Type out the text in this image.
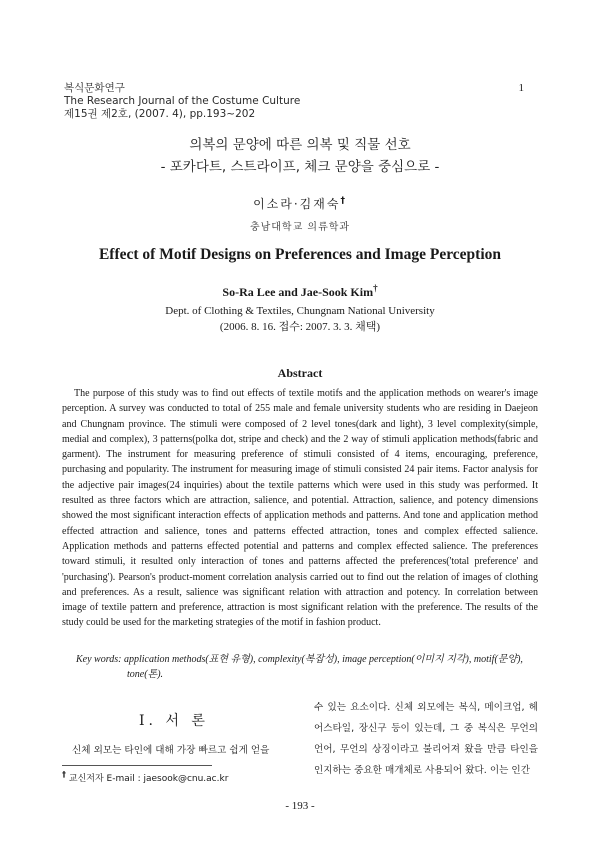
복식문화연구
The Research Journal of the Costume Culture
제15권 제2호, (2007. 4), pp.193~202
1
의복의 문양에 따른 의복 및 직물 선호
- 포카다트, 스트라이프, 체크 문양을 중심으로 -
이소라·김재숙†
충남대학교 의류학과
Effect of Motif Designs on Preferences and Image Perception
So-Ra Lee and Jae-Sook Kim†
Dept. of Clothing & Textiles, Chungnam National University
(2006. 8. 16. 접수: 2007. 3. 3. 채택)
Abstract
The purpose of this study was to find out effects of textile motifs and the application methods on wearer's image perception. A survey was conducted to total of 255 male and female university students who are residing in Daejeon and Chungnam province. The stimuli were composed of 2 level tones(dark and light), 3 level complexity(simple, medial and complex), 3 patterns(polka dot, stripe and check) and the 2 way of stimuli application methods(fabric and garment). The instrument for measuring preference of stimuli consisted of 4 items, encouraging, preference, purchasing and popularity. The instrument for measuring image of stimuli consisted 24 pair items. Factor analysis for the adjective pair images(24 inquiries) about the textile patterns which were used in this study was performed. It resulted as three factors which are attraction, salience, and potential. Attraction, salience, and potency dimensions showed the most significant interaction effects of application methods and patterns. And tone and application method effected attraction and salience, tones and patterns effected attraction, tones and complex effected salience. Application methods and patterns effected potential and patterns and complex effected salience. The preferences toward stimuli, it resulted only interaction of tones and patterns affected the preferences('total preference' and 'purchasing'). Pearson's product-moment correlation analysis carried out to find out the relation of images of clothing and preferences. As a result, salience was significant relation with attraction and potency. In correlation between image of textile pattern and preference, attraction is most significant relation with the preference. The results of the study could be used for the marketing strategies of the motif in fashion product.
Key words: application methods(표현 유형), complexity(복잡성), image perception(이미지 지각), motif(문양),
tone(톤).
I. 서 론
신체 외모는 타인에 대해 가장 빠르고 쉽게 얻을
수 있는 요소이다. 신체 외모에는 복식, 메이크업, 헤어스타일, 장신구 등이 있는데, 그 중 복식은 무언의 언어, 무언의 상징이라고 불리어져 왔을 만큼 타인을 인지하는 중요한 매개체로 사용되어 왔다. 이는 인간
† 교신저자 E-mail : jaesook@cnu.ac.kr
- 193 -
